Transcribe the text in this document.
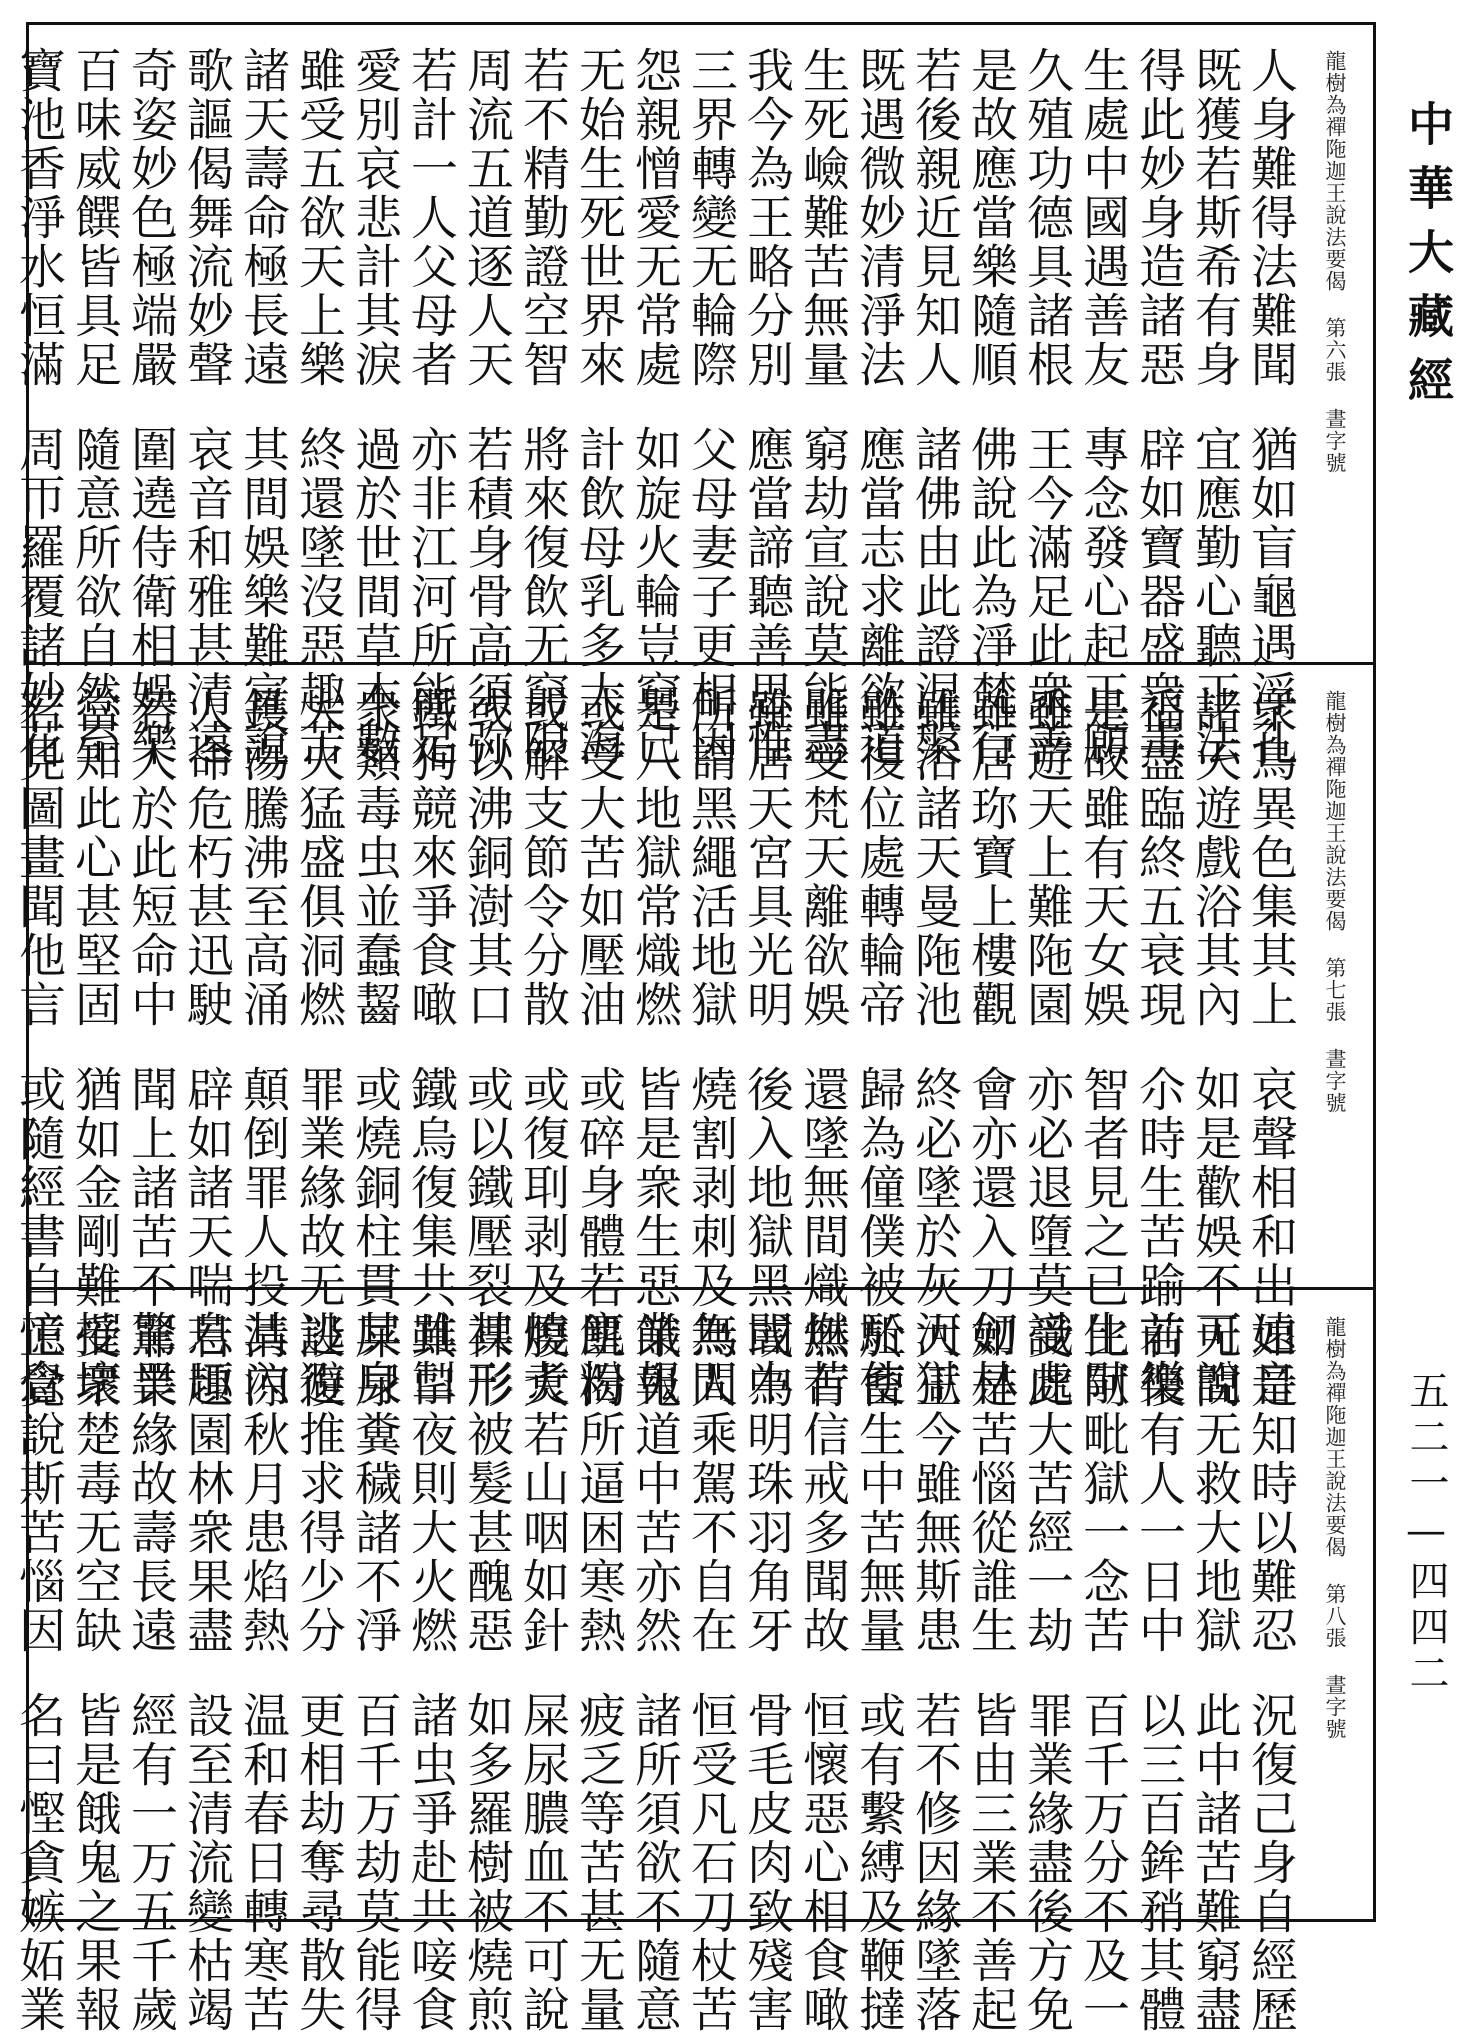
中華大藏經
五二一—四四二
龍樹為禪陁迦王說法要偈 第六張 晝字號
人身難得法難聞猶如盲龜遇浮孔
既獲若斯希有身宜應勤心聽正法
得此妙身造諸惡辟如寶器盛衆毒
生處中國遇善友專念發心起正願
久殖功德具諸根王今滿足此衆善
是故應當樂隨順佛說此為淨梵行
若後親近見知人諸佛由此證涅槃
既遇微妙清淨法應當志求離欲道
生死嶮難苦無量窮劫宣說莫能盡
我今為王略分別應當諦聽善思惟
三界轉變无輪際父母妻子更相因
怨親憎愛无常處如旋火輪豈窮已
无始生死世界來計飲母乳多大海
若不精勤證空智將來復飲无窮限
周流五道逐人天若積身骨高須弥
若計一人父母者亦非江河所能足
愛別哀悲計其淚過於世間草木數
雖受五欲天上樂終還墜沒惡趣苦
諸天壽命極長遠其間娛樂難宣說
歌謳偈舞流妙聲哀音和雅甚清遠
奇姿妙色極端嚴圍遶侍衛相娛樂
百味威饌皆具足隨意所欲自然至
寶池香淨水恒滿周帀羅覆諸妙花
龍樹為禪陁迦王說法要偈 第七張 晝字號
衆鳥異色集其上哀聲相和出遠音
諸天遊戲浴其內如是歡娛不可說
福盡臨終五衰現尒時生苦踰前樂
是故雖有天女娛智者見之已生猒
雖遊天上難陁園亦必退墮莫識處
雖居珎寶上樓觀會亦還入刀劒林
雖浴諸天曼陁池終必墜於灰河獄
雖復位處轉輪帝歸為僮僕被駈使
雖受梵天離欲娛還墜無間熾燃苦
雖居天宮具光明後入地獄黑闇中
所謂黑繩活地獄燒割剥刺及無間
是八地獄常熾燃皆是衆生惡業報
或受大苦如壓油或碎身體若塵粉
或解支節令分散或復刵剥及燒煑
或以沸銅澍其口或以鐵壓裂其形
鐵狗競來爭食噉鐵烏復集共雖掣
衆類毒虫並蠢齧或燒銅柱貫其身
大火猛盛俱洞燃罪業緣故无逃避
鑊湯騰沸至高涌顛倒罪人投其內
人命危朽甚迅駛辟如諸天喘息頃
若人於此短命中聞上諸苦不驚畏
當知此心甚堅固猶如金剛難摧壞
若見圖畫聞他言或隨經書自憶念
龍樹為禪陁迦王說法要偈 第八張 晝字號
如是知時以難忍況復己身自經歷
无間无救大地獄此中諸苦難窮盡
若復有人一日中以三百鉾矟其體
比阿毗獄一念苦百千万分不及一
受此大苦經一劫罪業緣盡後方免
如是苦惱從誰生皆由三業不善起
大王今雖無斯患若不修因緣墜落
於畜生中苦無量或有繫縛及鞭撻
無有信戒多聞故恒懷惡心相食噉
或為明珠羽角牙骨毛皮肉致殘害
為人乘駕不自在恒受凡石刀杖苦
餓鬼道中苦亦然諸所須欲不隨意
飢渴所逼困寒熱疲乏等苦甚无量
腹大若山咽如針屎尿膿血不可說
裸形被髮甚醜惡如多羅樹被燒煎
其口夜則大火燃諸虫爭赴共唼食
屎尿糞穢諸不淨百千万劫莫能得
設復推求得少分更相劫奪尋散失
清涼秋月患焰熱温和春日轉寒苦
若趣園林衆果盡設至清流變枯竭
罪業緣故壽長遠經有一万五千歲
受衆楚毒无空缺皆是餓鬼之果報
正覺說斯苦惱因名曰慳貪嫉妬業
